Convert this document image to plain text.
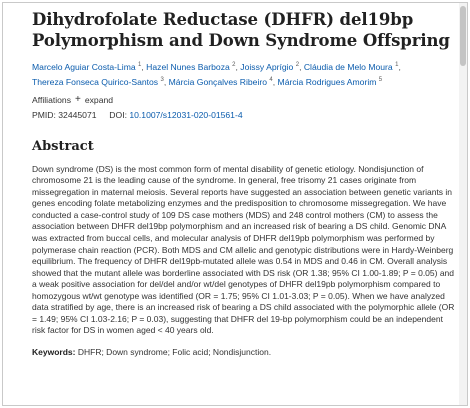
Dihydrofolate Reductase (DHFR) del19bp Polymorphism and Down Syndrome Offspring
Marcelo Aguiar Costa-Lima $^1$, Hazel Nunes Barboza $^2$, Joissy Aprígio $^2$, Cláudia de Melo Moura $^1$, Thereza Fonseca Quirico-Santos $^3$, Márcia Gonçalves Ribeiro $^4$, Márcia Rodrigues Amorim $^5$
Affiliations + expand
PMID: 32445071 DOI: 10.1007/s12031-020-01561-4
Abstract

Down syndrome (DS) is the most common form of mental disability of genetic etiology. Nondisjunction of chromosome 21 is the leading cause of the syndrome. In general, free trisomy 21 cases originate from missegregation in maternal meiosis. Several reports have suggested an association between genetic variants in genes encoding folate metabolizing enzymes and the predisposition to chromosome missegregation. We have conducted a case-control study of 109 DS case mothers (MDS) and 248 control mothers (CM) to assess the association between DHFR del19bp polymorphism and an increased risk of bearing a DS child. Genomic DNA was extracted from buccal cells, and molecular analysis of DHFR del19pb polymorphism was performed by polymerase chain reaction (PCR). Both MDS and CM allelic and genotypic distributions were in Hardy-Weinberg equilibrium. The frequency of DHFR del19pb-mutated allele was 0.54 in MDS and 0.46 in CM. Overall analysis showed that the mutant allele was borderline associated with DS risk (OR 1.38; 95% CI 1.00-1.89; P = 0.05) and a weak positive association for del/del and/or wt/del genotypes of DHFR del19pb polymorphism compared to homozygous wt/wt genotype was identified (OR = 1.75; 95% CI 1.01-3.03; P = 0.05). When we have analyzed data stratified by age, there is an increased risk of bearing a DS child associated with the polymorphic allele (OR = 1.49; 95% CI 1.03-2.16; P = 0.03), suggesting that DHFR del 19-bp polymorphism could be an independent risk factor for DS in women aged < 40 years old.

Keywords: DHFR; Down syndrome; Folic acid; Nondisjunction.
